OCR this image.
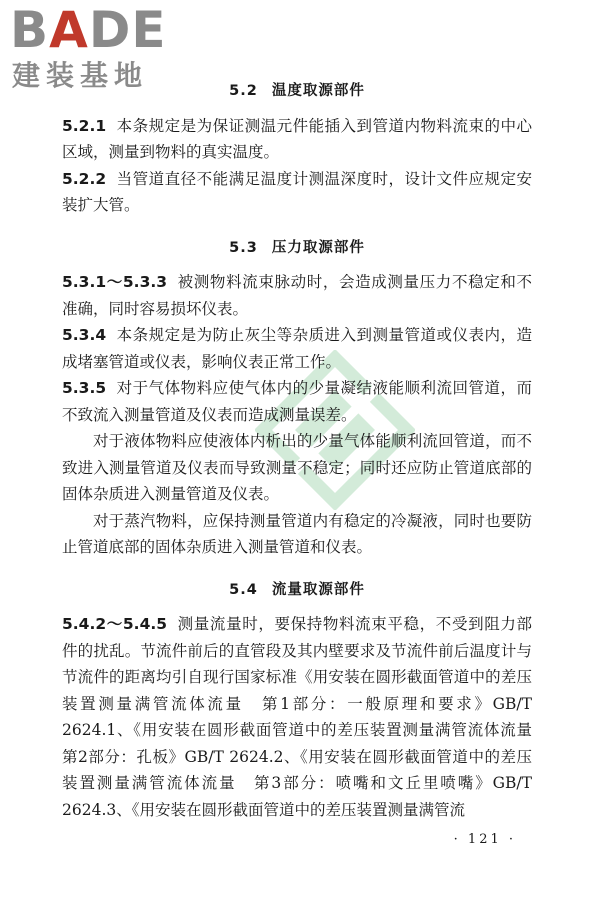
BADE
建装基地	5.2 温度取源部件

5.2.1 本条规定是为保证测温元件能插入到管道内物料流束的中心区域，测量到物料的真实温度。

5.2.2 当管道直径不能满足温度计测温深度时，设计文件应规定安装扩大管。

5.3 压力取源部件

5.3.1～5.3.3 被测物料流束脉动时，会造成测量压力不稳定和不准确，同时容易损坏仪表。

5.3.4 本条规定是为防止灰尘等杂质进入到测量管道或仪表内，造成堵塞管道或仪表，影响仪表正常工作。

5.3.5 对于气体物料应使气体内的少量凝结液能顺利流回管道，而不致流入测量管道及仪表而造成测量误差。

对于液体物料应使液体内析出的少量气体能顺利流回管道，而不致进入测量管道及仪表而导致测量不稳定；同时还应防止管道底部的固体杂质进入测量管道及仪表。

对于蒸汽物料，应保持测量管道内有稳定的冷凝液，同时也要防止管道底部的固体杂质进入测量管道和仪表。

5.4 流量取源部件

5.4.2～5.4.5 测量流量时，要保持物料流束平稳，不受到阻力部件的扰乱。节流件前后的直管段及其内壁要求及节流件前后温度计与节流件的距离均引自现行国家标准《用安装在圆形截面管道中的差压装置测量满管流体流量　第1部分：一般原理和要求》GB/T 2624.1、《用安装在圆形截面管道中的差压装置测量满管流体流量　第2部分：孔板》GB/T 2624.2、《用安装在圆形截面管道中的差压装置测量满管流体流量　第3部分：喷嘴和文丘里喷嘴》GB/T 2624.3、《用安装在圆形截面管道中的差压装置测量满管流

· 121 ·
